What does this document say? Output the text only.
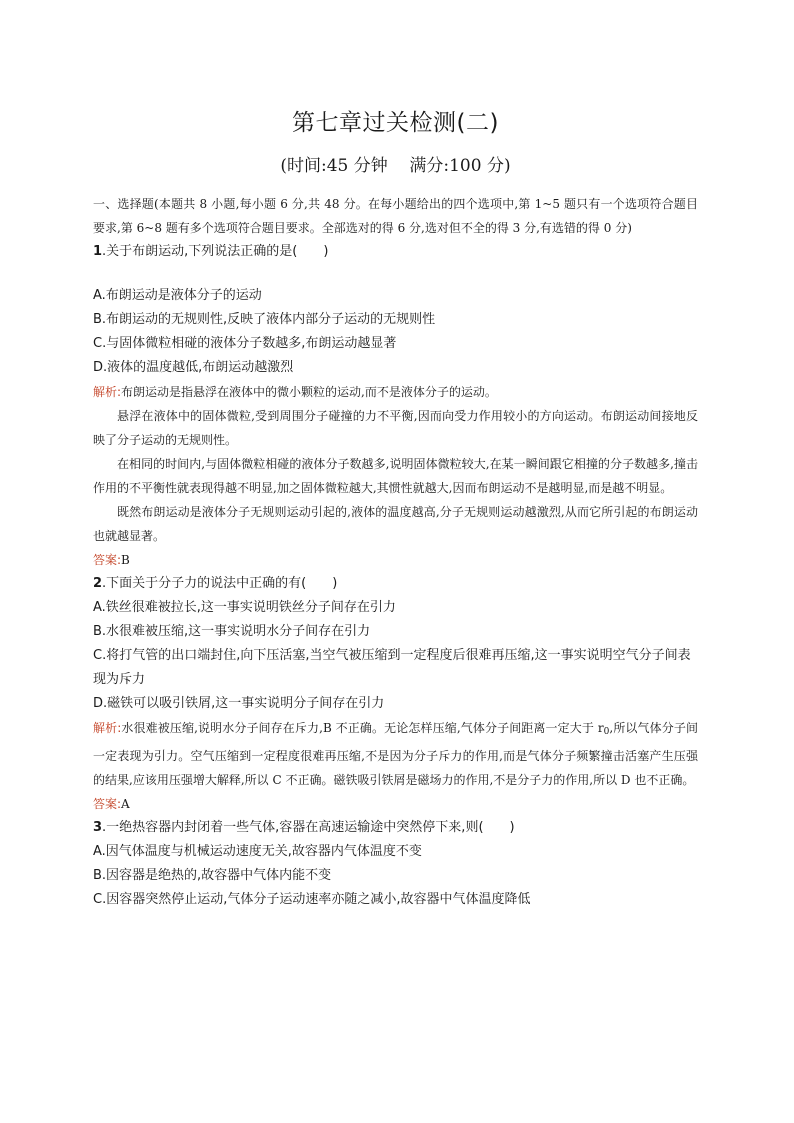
第七章过关检测(二)
(时间:45 分钟    满分:100 分)

一、选择题(本题共 8 小题,每小题 6 分,共 48 分。在每小题给出的四个选项中,第 1~5 题只有一个选项符合题目要求,第 6~8 题有多个选项符合题目要求。全部选对的得 6 分,选对但不全的得 3 分,有选错的得 0 分)

1.关于布朗运动,下列说法正确的是(　　)

A.布朗运动是液体分子的运动

B.布朗运动的无规则性,反映了液体内部分子运动的无规则性

C.与固体微粒相碰的液体分子数越多,布朗运动越显著

D.液体的温度越低,布朗运动越激烈

解析:布朗运动是指悬浮在液体中的微小颗粒的运动,而不是液体分子的运动。

悬浮在液体中的固体微粒,受到周围分子碰撞的力不平衡,因而向受力作用较小的方向运动。布朗运动间接地反映了分子运动的无规则性。

在相同的时间内,与固体微粒相碰的液体分子数越多,说明固体微粒较大,在某一瞬间跟它相撞的分子数越多,撞击作用的不平衡性就表现得越不明显,加之固体微粒越大,其惯性就越大,因而布朗运动不是越明显,而是越不明显。

既然布朗运动是液体分子无规则运动引起的,液体的温度越高,分子无规则运动越激烈,从而它所引起的布朗运动也就越显著。

答案:B

2.下面关于分子力的说法中正确的有(　　)

A.铁丝很难被拉长,这一事实说明铁丝分子间存在引力

B.水很难被压缩,这一事实说明水分子间存在引力

C.将打气管的出口端封住,向下压活塞,当空气被压缩到一定程度后很难再压缩,这一事实说明空气分子间表现为斥力

D.磁铁可以吸引铁屑,这一事实说明分子间存在引力

解析:水很难被压缩,说明水分子间存在斥力,B 不正确。无论怎样压缩,气体分子间距离一定大于 $r_0$,所以气体分子间一定表现为引力。空气压缩到一定程度很难再压缩,不是因为分子斥力的作用,而是气体分子频繁撞击活塞产生压强的结果,应该用压强增大解释,所以 C 不正确。磁铁吸引铁屑是磁场力的作用,不是分子力的作用,所以 D 也不正确。

答案:A

3.一绝热容器内封闭着一些气体,容器在高速运输途中突然停下来,则(　　)

A.因气体温度与机械运动速度无关,故容器内气体温度不变

B.因容器是绝热的,故容器中气体内能不变

C.因容器突然停止运动,气体分子运动速率亦随之减小,故容器中气体温度降低
